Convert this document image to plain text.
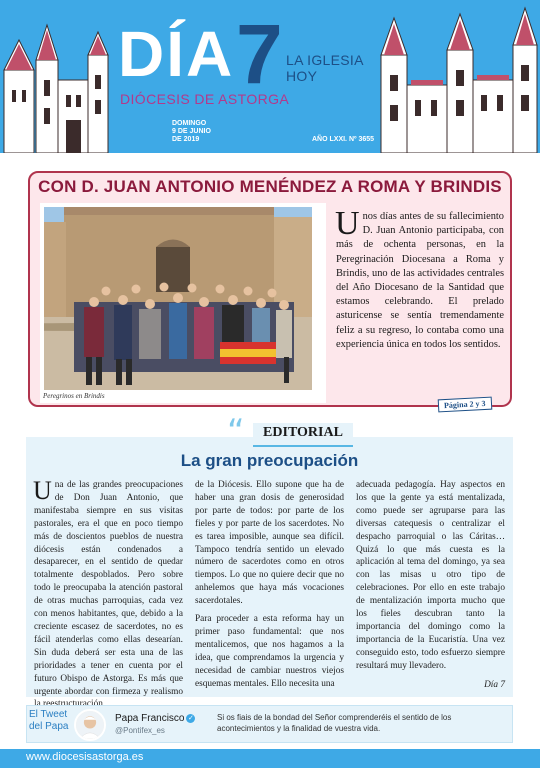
DÍA 7 LA IGLESIA HOY
DIÓCESIS DE ASTORGA
DOMINGO
9 DE JUNIO
DE 2019	AÑO LXXI. Nº 3655
CON D. JUAN ANTONIO MENÉNDEZ A ROMA Y BRINDIS
Peregrinos en Brindis
Unos días antes de su fallecimiento D. Juan Antonio participaba, con más de ochenta personas, en la Peregrinación Diocesana a Roma y Brindis, uno de las actividades centrales del Año Diocesano de la Santidad que estamos celebrando. El prelado asturicense se sentía tremendamente feliz a su regreso, lo contaba como una experiencia única en todos los sentidos.
Página 2 y 3
“	EDITORIAL
La gran preocupación

Una de las grandes preocupaciones de Don Juan Antonio, que manifestaba siempre en sus visitas pastorales, era el que en poco tiempo más de doscientos pueblos de nuestra diócesis están condenados a desaparecer, en el sentido de quedar totalmente despoblados. Pero sobre todo le preocupaba la atención pastoral de otras muchas parroquias, cada vez con menos habitantes, que, debido a la creciente escasez de sacerdotes, no es fácil atenderlas como ellas desearían. Sin duda deberá ser esta una de las prioridades a tener en cuenta por el futuro Obispo de Astorga. Es más que urgente abordar con firmeza y realismo

de la Diócesis. Ello supone que ha de haber una gran dosis de generosidad por parte de todos: por parte de los fieles y por parte de los sacerdotes. No es tarea imposible, aunque sea difícil. Tampoco tendría sentido un elevado número de sacerdotes como en otros tiempos. Lo que no quiere decir que no anhelemos que haya más vocaciones sacerdotales.

Para proceder a esta reforma hay un primer paso fundamental: que nos mentalicemos, que nos hagamos a la idea, que comprendamos la urgencia y necesidad de cambiar nuestros viejos esquemas mentales. Ello necesita una

adecuada pedagogía. Hay aspectos en los que la gente ya está mentalizada, como puede ser agruparse para las diversas catequesis o centralizar el despacho parroquial o las Cáritas… Quizá lo que más cuesta es la aplicación al tema del domingo, ya sea con las misas u otro tipo de celebraciones. Por ello en este trabajo de mentalización importa mucho que los fieles descubran tanto la importancia del domingo como la importancia de la Eucaristía. Una vez conseguido esto, todo esfuerzo siempre resultará muy llevadero.

Día 7
El Tweet
del Papa
Papa Francisco ✓
@Pontifex_es
Si os fiais de la bondad del Señor comprenderéis el sentido de los acontecimientos y la finalidad de vuestra vida.
www.diocesisastorga.es
